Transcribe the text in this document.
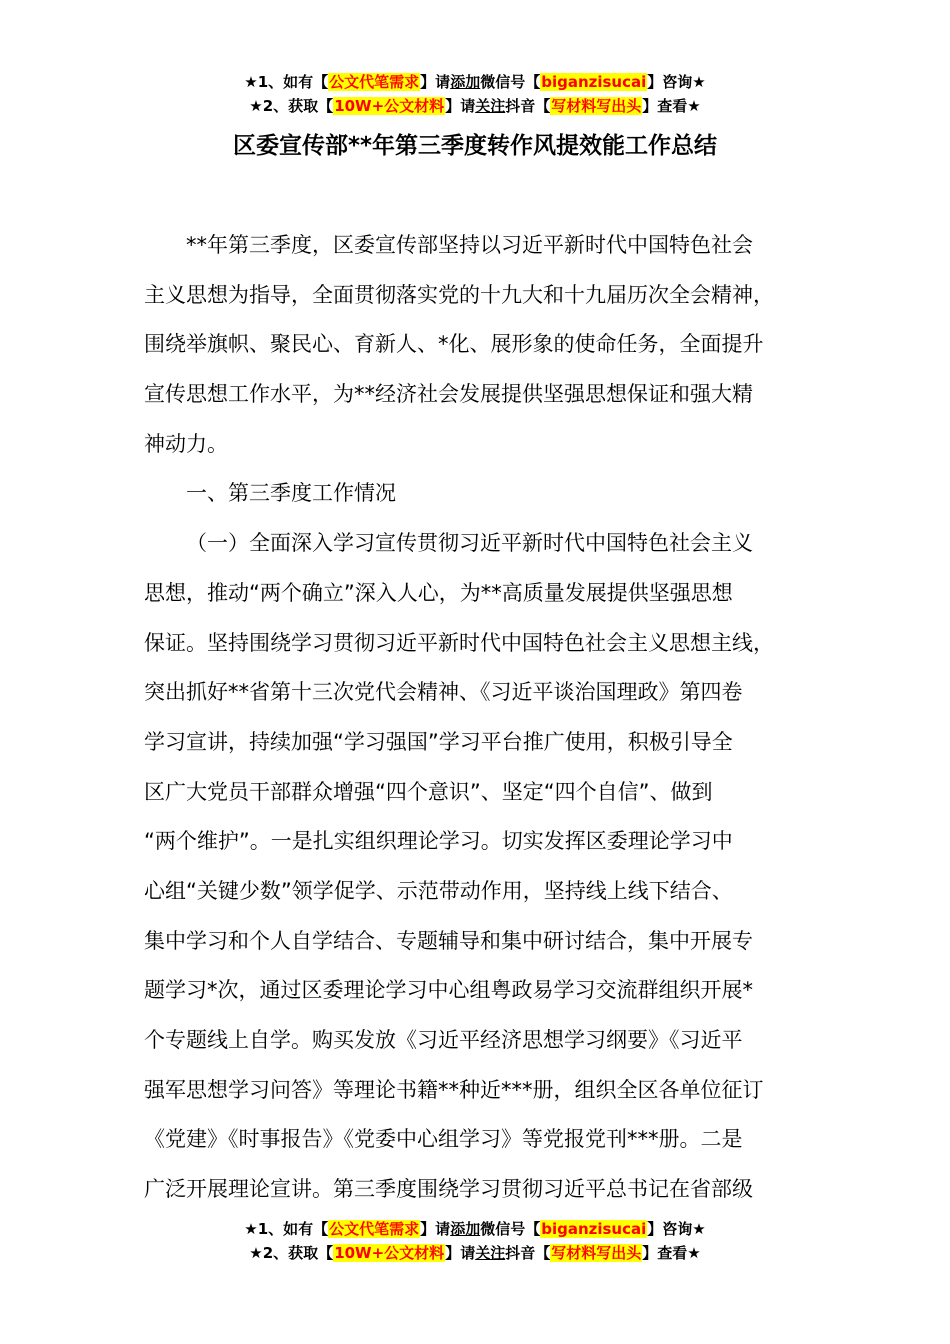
★1、如有【公文代笔需求】请添加微信号【biganzisucai】咨询★
★2、获取【10W+公文材料】请关注抖音【写材料写出头】查看★
区委宣传部**年第三季度转作风提效能工作总结
**年第三季度，区委宣传部坚持以习近平新时代中国特色社会
主义思想为指导，全面贯彻落实党的十九大和十九届历次全会精神，
围绕举旗帜、聚民心、育新人、*化、展形象的使命任务，全面提升
宣传思想工作水平，为**经济社会发展提供坚强思想保证和强大精
神动力。
一、第三季度工作情况
（一）全面深入学习宣传贯彻习近平新时代中国特色社会主义
思想，推动“两个确立”深入人心，为**高质量发展提供坚强思想
保证。坚持围绕学习贯彻习近平新时代中国特色社会主义思想主线，
突出抓好**省第十三次党代会精神、《习近平谈治国理政》第四卷
学习宣讲，持续加强“学习强国”学习平台推广使用，积极引导全
区广大党员干部群众增强“四个意识”、坚定“四个自信”、做到
“两个维护”。一是扎实组织理论学习。切实发挥区委理论学习中
心组“关键少数”领学促学、示范带动作用，坚持线上线下结合、
集中学习和个人自学结合、专题辅导和集中研讨结合，集中开展专
题学习*次，通过区委理论学习中心组粤政易学习交流群组织开展*
个专题线上自学。购买发放《习近平经济思想学习纲要》《习近平
强军思想学习问答》等理论书籍**种近***册，组织全区各单位征订
《党建》《时事报告》《党委中心组学习》等党报党刊***册。二是
广泛开展理论宣讲。第三季度围绕学习贯彻习近平总书记在省部级
★1、如有【公文代笔需求】请添加微信号【biganzisucai】咨询★
★2、获取【10W+公文材料】请关注抖音【写材料写出头】查看★
